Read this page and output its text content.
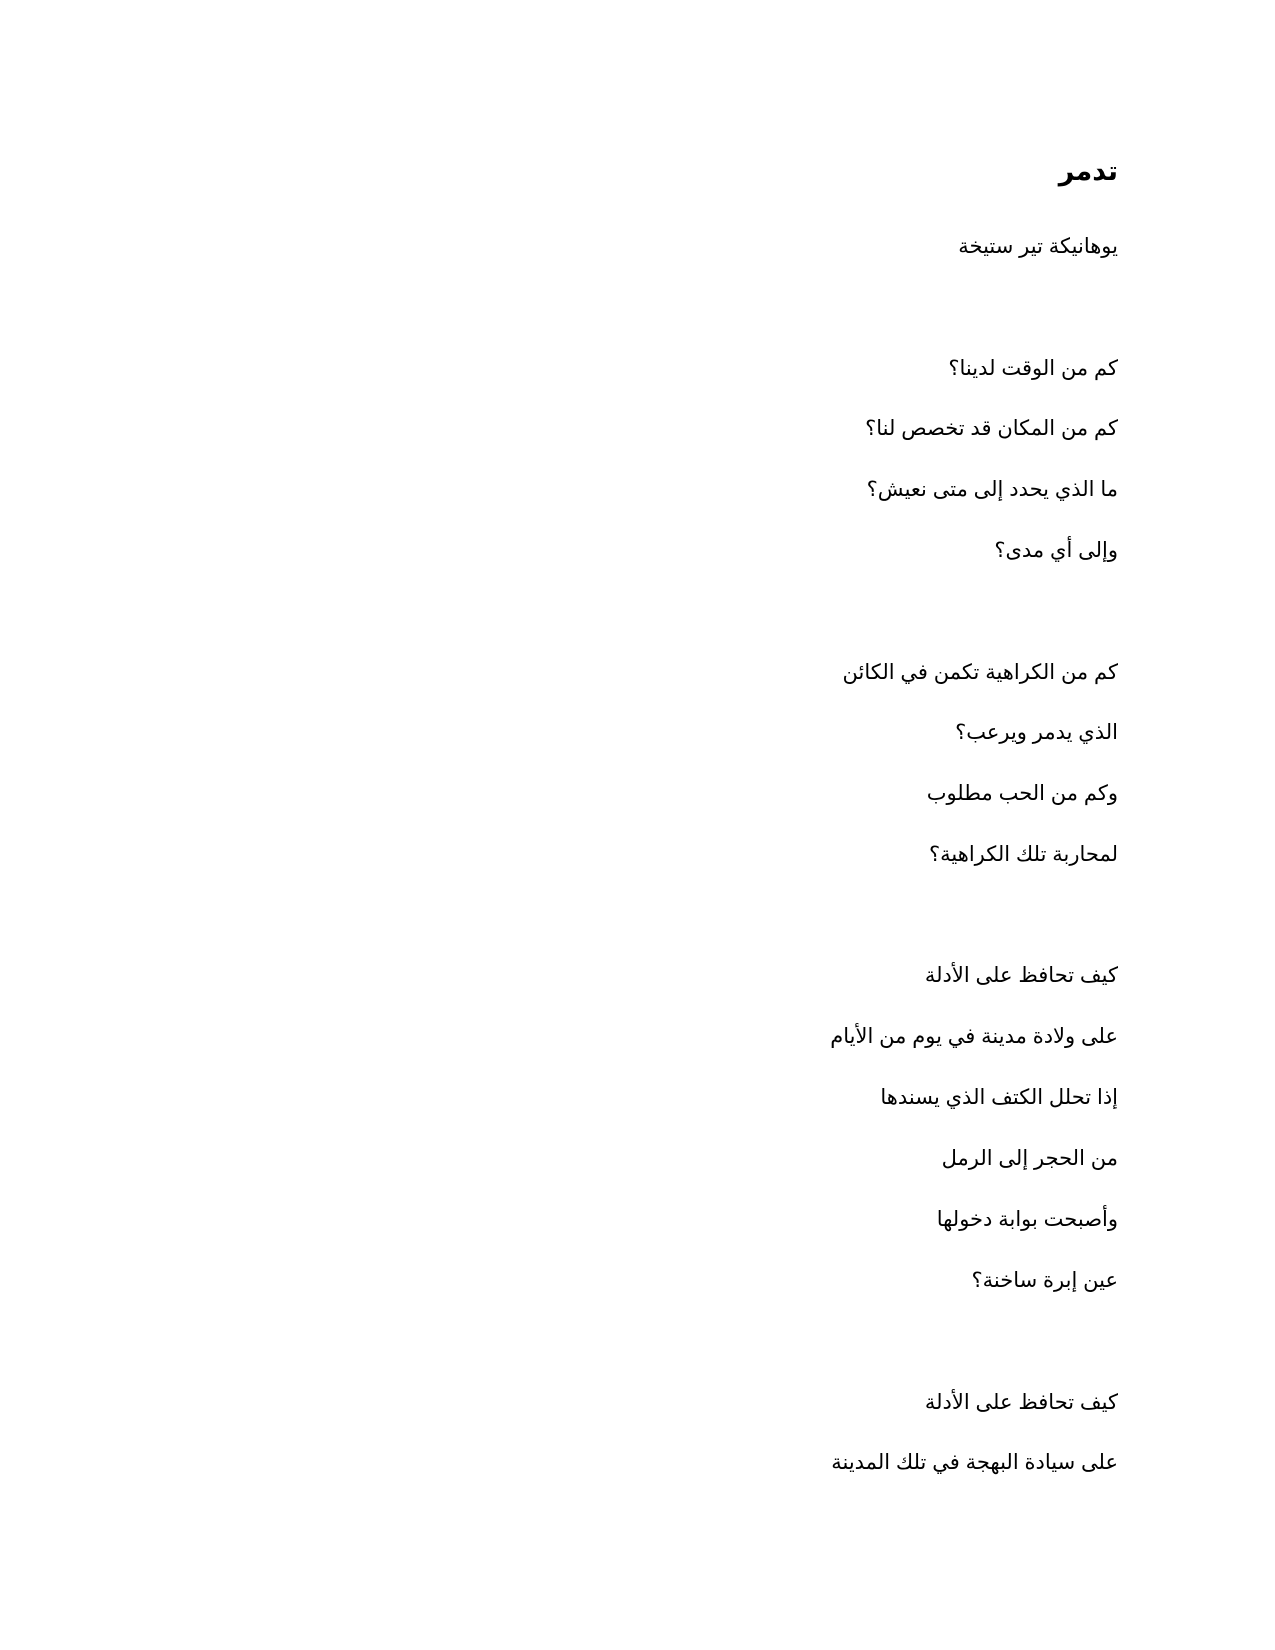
تدمر

يوهانيكة تير ستيخة

كم من الوقت لدينا؟

كم من المكان قد تخصص لنا؟

ما الذي يحدد إلى متى نعيش؟

وإلى أي مدى؟

كم من الكراهية تكمن في الكائن

الذي يدمر ويرعب؟

وكم من الحب مطلوب

لمحاربة تلك الكراهية؟

كيف تحافظ على الأدلة

على ولادة مدينة في يوم من الأيام

إذا تحلل الكتف الذي يسندها

من الحجر إلى الرمل

وأصبحت بوابة دخولها

عين إبرة ساخنة؟

كيف تحافظ على الأدلة

على سيادة البهجة في تلك المدينة
